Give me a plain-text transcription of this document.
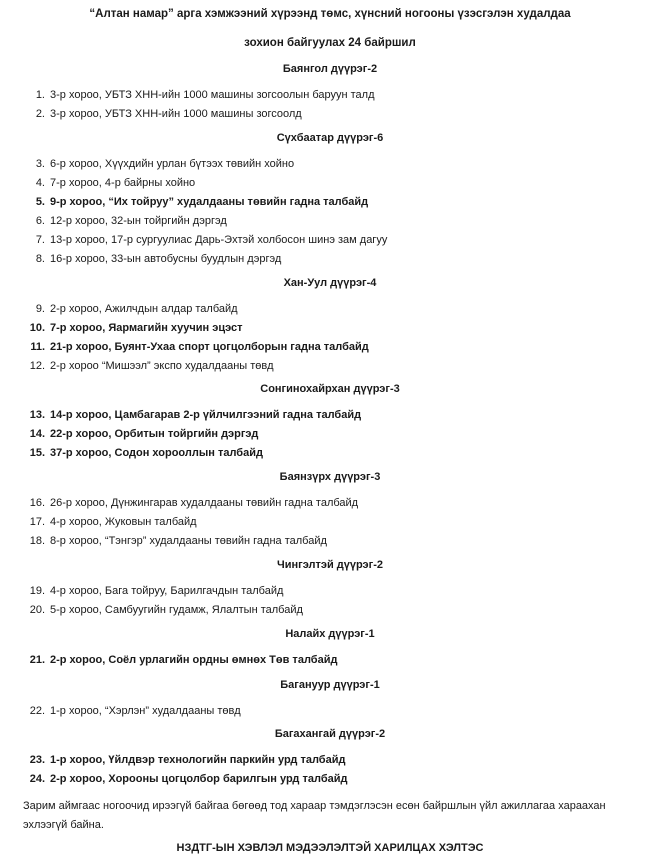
“Алтан намар” арга хэмжээний хүрээнд төмс, хүнсний ногооны үзэсгэлэн худалдаа
зохион байгуулах 24 байршил
Баянгол дүүрэг-2
1. 3-р хороо, УБТЗ ХНН-ийн 1000 машины зогсоолын баруун талд
2. 3-р хороо, УБТЗ ХНН-ийн 1000 машины зогсоолд
Сүхбаатар дүүрэг-6
3. 6-р хороо, Хүүхдийн урлан бүтээх төвийн хойно
4. 7-р хороо, 4-р байрны хойно
5. 9-р хороо, “Их тойруу” худалдааны төвийн гадна талбайд
6. 12-р хороо, 32-ын тойргийн дэргэд
7. 13-р хороо, 17-р сургуулиас Дарь-Эхтэй холбосон шинэ зам дагуу
8. 16-р хороо, 33-ын автобусны буудлын дэргэд
Хан-Уул дүүрэг-4
9. 2-р хороо, Ажилчдын алдар талбайд
10. 7-р хороо, Яармагийн хуучин эцэст
11. 21-р хороо, Буянт-Ухаа спорт цогцолборын гадна талбайд
12. 2-р хороо “Мишээл” экспо худалдааны төвд
Сонгинохайрхан дүүрэг-3
13. 14-р хороо, Цамбагарав 2-р үйлчилгээний гадна талбайд
14. 22-р хороо, Орбитын тойргийн дэргэд
15. 37-р хороо, Содон хорооллын талбайд
Баянзүрх дүүрэг-3
16. 26-р хороо, Дүнжингарав худалдааны төвийн гадна талбайд
17. 4-р хороо, Жуковын талбайд
18. 8-р хороо, “Тэнгэр” худалдааны төвийн гадна талбайд
Чингэлтэй дүүрэг-2
19. 4-р хороо, Бага тойруу, Барилгачдын талбайд
20. 5-р хороо, Самбуугийн гудамж, Ялалтын талбайд
Налайх дүүрэг-1
21. 2-р хороо, Соёл урлагийн ордны өмнөх Төв талбайд
Багануур дүүрэг-1
22. 1-р хороо, “Хэрлэн” худалдааны төвд
Багахангай дүүрэг-2
23. 1-р хороо, Үйлдвэр технологийн паркийн урд талбайд
24. 2-р хороо, Хорооны цогцолбор барилгын урд талбайд
Зарим аймгаас ногоочид ирээгүй байгаа бөгөөд тод хараар тэмдэглэсэн есөн байршлын үйл ажиллагаа хараахан эхлээгүй байна.
НЗДТГ-ЫН ХЭВЛЭЛ МЭДЭЭЛЭЛТЭЙ ХАРИЛЦАХ ХЭЛТЭС
